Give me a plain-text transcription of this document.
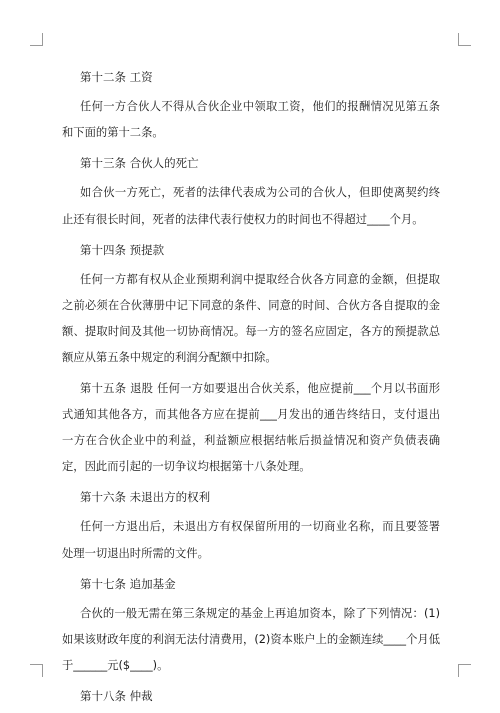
第十二条 工资

任何一方合伙人不得从合伙企业中领取工资，他们的报酬情况见第五条和下面的第十二条。

第十三条 合伙人的死亡

如合伙一方死亡，死者的法律代表成为公司的合伙人，但即使离契约终止还有很长时间，死者的法律代表行使权力的时间也不得超过____个月。

第十四条 预提款

任何一方都有权从企业预期利润中提取经合伙各方同意的金额，但提取之前必须在合伙薄册中记下同意的条件、同意的时间、合伙方各自提取的金额、提取时间及其他一切协商情况。每一方的签名应固定，各方的预提款总额应从第五条中规定的利润分配额中扣除。

第十五条 退股 任何一方如要退出合伙关系，他应提前___个月以书面形式通知其他各方，而其他各方应在提前___月发出的通告终结日，支付退出一方在合伙企业中的利益，利益额应根据结帐后损益情况和资产负债表确定，因此而引起的一切争议均根据第十八条处理。

第十六条 未退出方的权利

任何一方退出后，未退出方有权保留所用的一切商业名称，而且要签署处理一切退出时所需的文件。

第十七条 追加基金

合伙的一般无需在第三条规定的基金上再追加资本，除了下列情况：(1)如果该财政年度的利润无法付清费用，(2)资本账户上的金额连续____个月低于______元($____)。

第十八条 仲裁
